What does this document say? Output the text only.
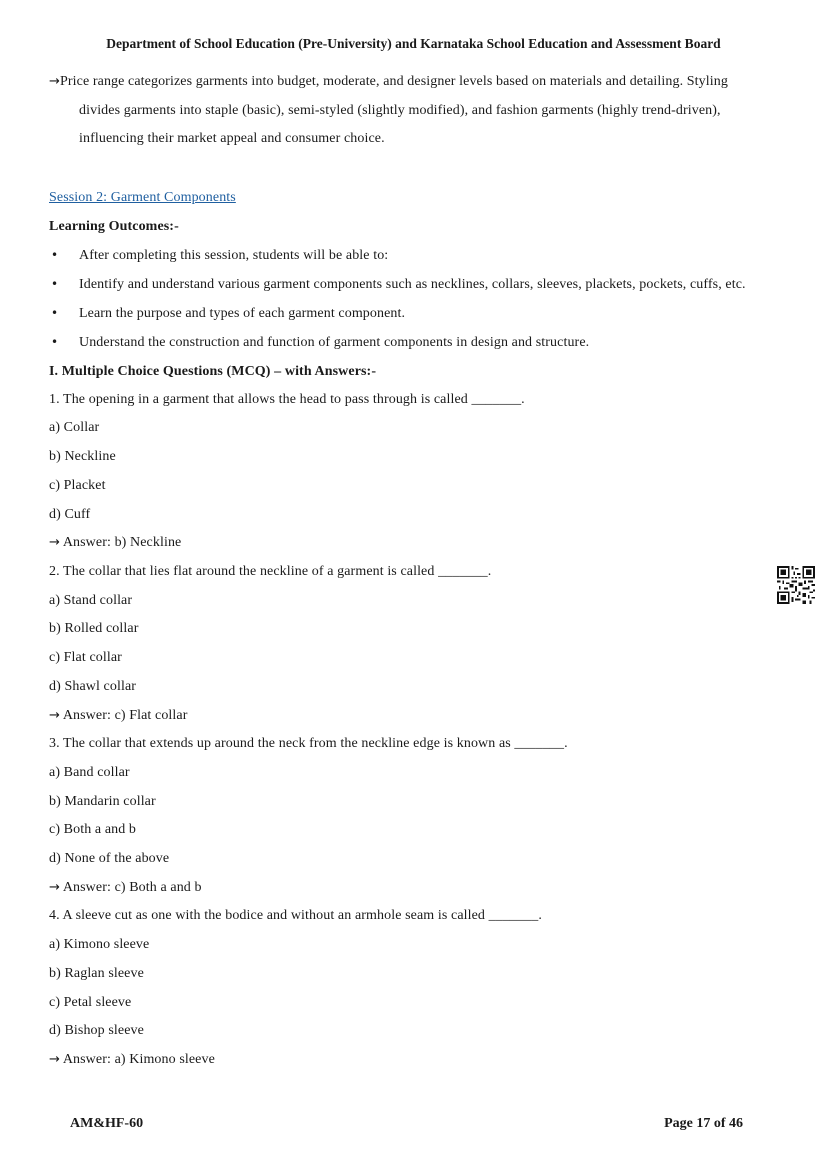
Department of School Education (Pre-University) and Karnataka School Education and Assessment Board

→Price range categorizes garments into budget, moderate, and designer levels based on materials and detailing. Styling divides garments into staple (basic), semi-styled (slightly modified), and fashion garments (highly trend-driven), influencing their market appeal and consumer choice.

Session 2: Garment Components
Learning Outcomes:-
• After completing this session, students will be able to:
• Identify and understand various garment components such as necklines, collars, sleeves, plackets, pockets, cuffs, etc.
• Learn the purpose and types of each garment component.
• Understand the construction and function of garment components in design and structure.
I. Multiple Choice Questions (MCQ) – with Answers:-
1. The opening in a garment that allows the head to pass through is called _______.
a) Collar
b) Neckline
c) Placket
d) Cuff
→ Answer: b) Neckline
2. The collar that lies flat around the neckline of a garment is called _______.
a) Stand collar
b) Rolled collar
c) Flat collar
d) Shawl collar
→ Answer: c) Flat collar
3. The collar that extends up around the neck from the neckline edge is known as _______.
a) Band collar
b) Mandarin collar
c) Both a and b
d) None of the above
→ Answer: c) Both a and b
4. A sleeve cut as one with the bodice and without an armhole seam is called _______.
a) Kimono sleeve
b) Raglan sleeve
c) Petal sleeve
d) Bishop sleeve
→ Answer: a) Kimono sleeve
AM&HF-60	Page 17 of 46
